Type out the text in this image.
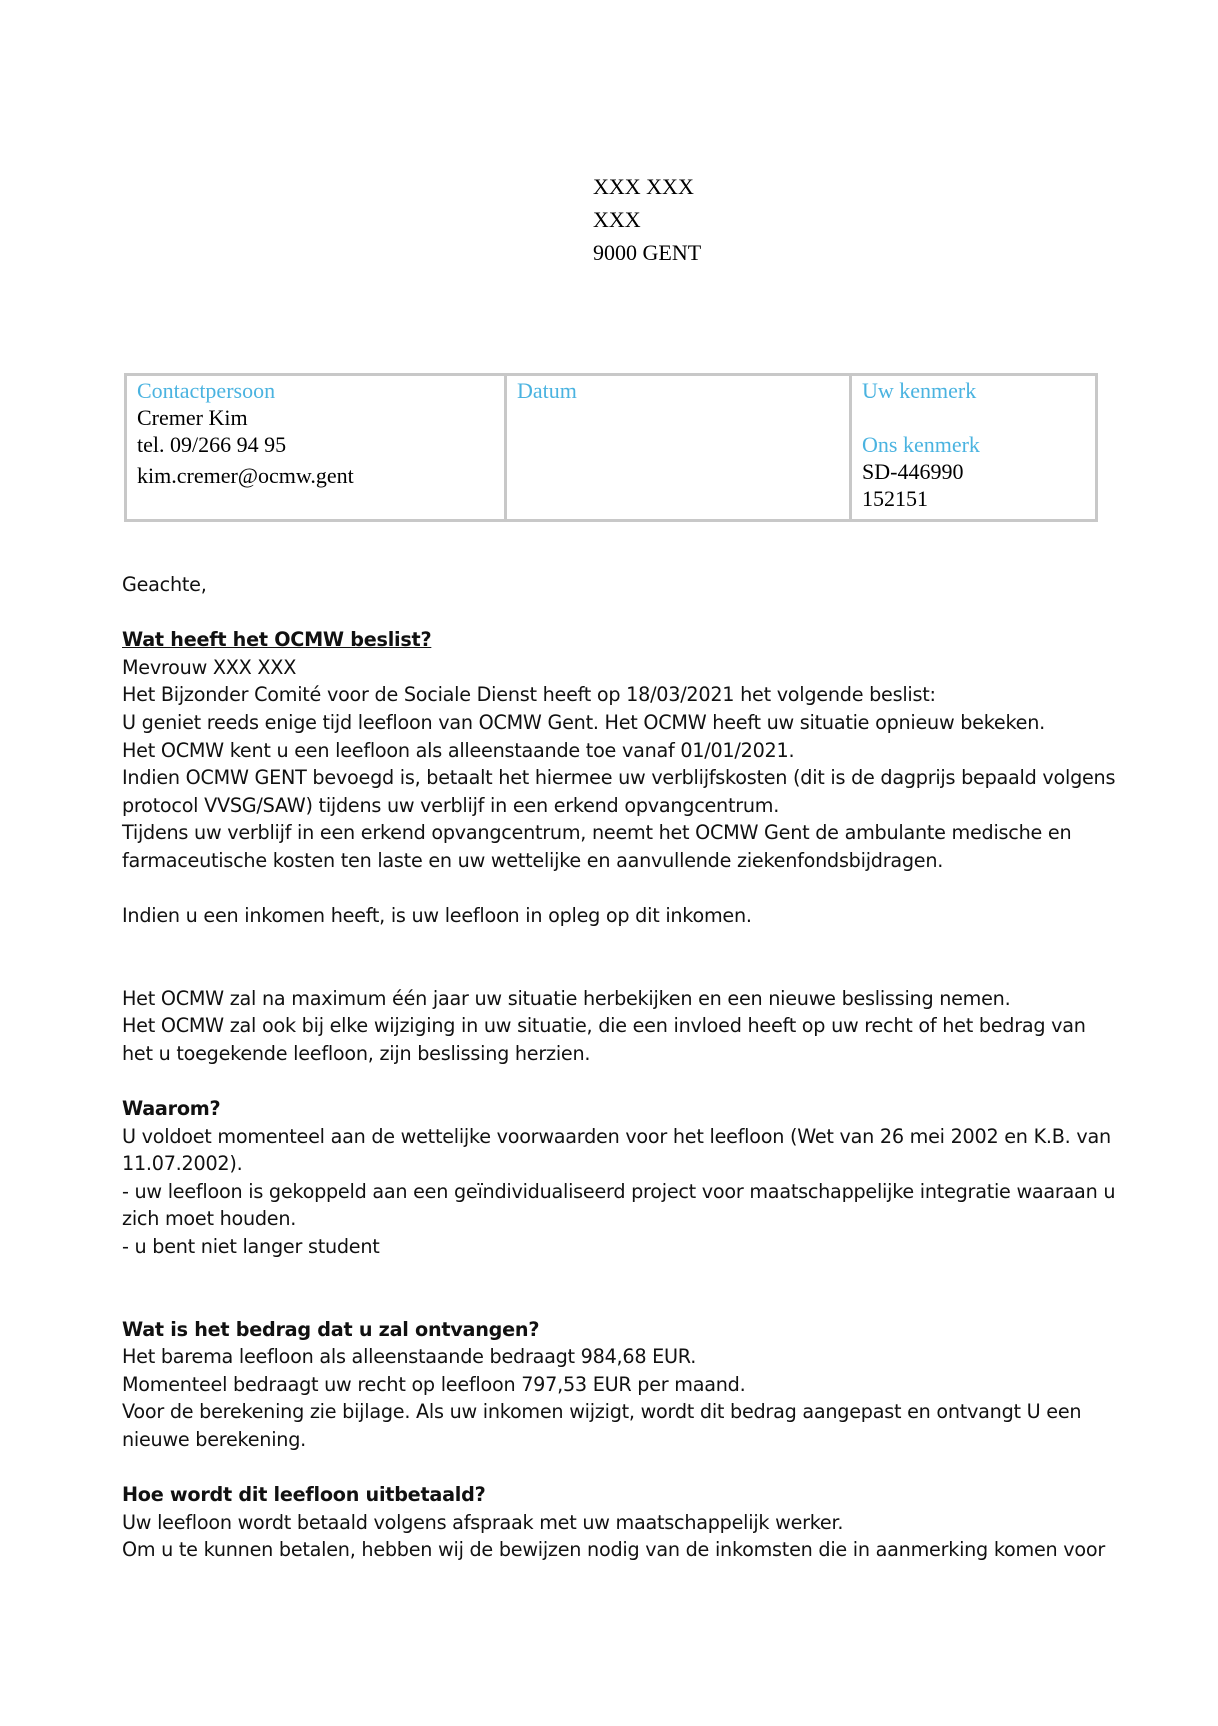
XXX XXX
XXX
9000 GENT
Contactpersoon
Cremer Kim
tel. 09/266 94 95
kim.cremer@ocmw.gent
Datum	Uw kenmerk
Ons kenmerk
SD-446990
152151

Geachte,

Wat heeft het OCMW beslist?

Mevrouw XXX XXX

Het Bijzonder Comité voor de Sociale Dienst heeft op 18/03/2021 het volgende beslist:

U geniet reeds enige tijd leefloon van OCMW Gent. Het OCMW heeft uw situatie opnieuw bekeken.

Het OCMW kent u een leefloon als alleenstaande toe vanaf 01/01/2021.

Indien OCMW GENT bevoegd is, betaalt het hiermee uw verblijfskosten (dit is de dagprijs bepaald volgens

protocol VVSG/SAW) tijdens uw verblijf in een erkend opvangcentrum.

Tijdens uw verblijf in een erkend opvangcentrum, neemt het OCMW Gent de ambulante medische en

farmaceutische kosten ten laste en uw wettelijke en aanvullende ziekenfondsbijdragen.

Indien u een inkomen heeft, is uw leefloon in opleg op dit inkomen.

Het OCMW zal na maximum één jaar uw situatie herbekijken en een nieuwe beslissing nemen.

Het OCMW zal ook bij elke wijziging in uw situatie, die een invloed heeft op uw recht of het bedrag van

het u toegekende leefloon, zijn beslissing herzien.

Waarom?

U voldoet momenteel aan de wettelijke voorwaarden voor het leefloon (Wet van 26 mei 2002 en K.B. van

11.07.2002).

- uw leefloon is gekoppeld aan een geïndividualiseerd project voor maatschappelijke integratie waaraan u

zich moet houden.

- u bent niet langer student

Wat is het bedrag dat u zal ontvangen?

Het barema leefloon als alleenstaande bedraagt 984,68 EUR.

Momenteel bedraagt uw recht op leefloon 797,53 EUR per maand.

Voor de berekening zie bijlage. Als uw inkomen wijzigt, wordt dit bedrag aangepast en ontvangt U een

nieuwe berekening.

Hoe wordt dit leefloon uitbetaald?

Uw leefloon wordt betaald volgens afspraak met uw maatschappelijk werker.

Om u te kunnen betalen, hebben wij de bewijzen nodig van de inkomsten die in aanmerking komen voor
